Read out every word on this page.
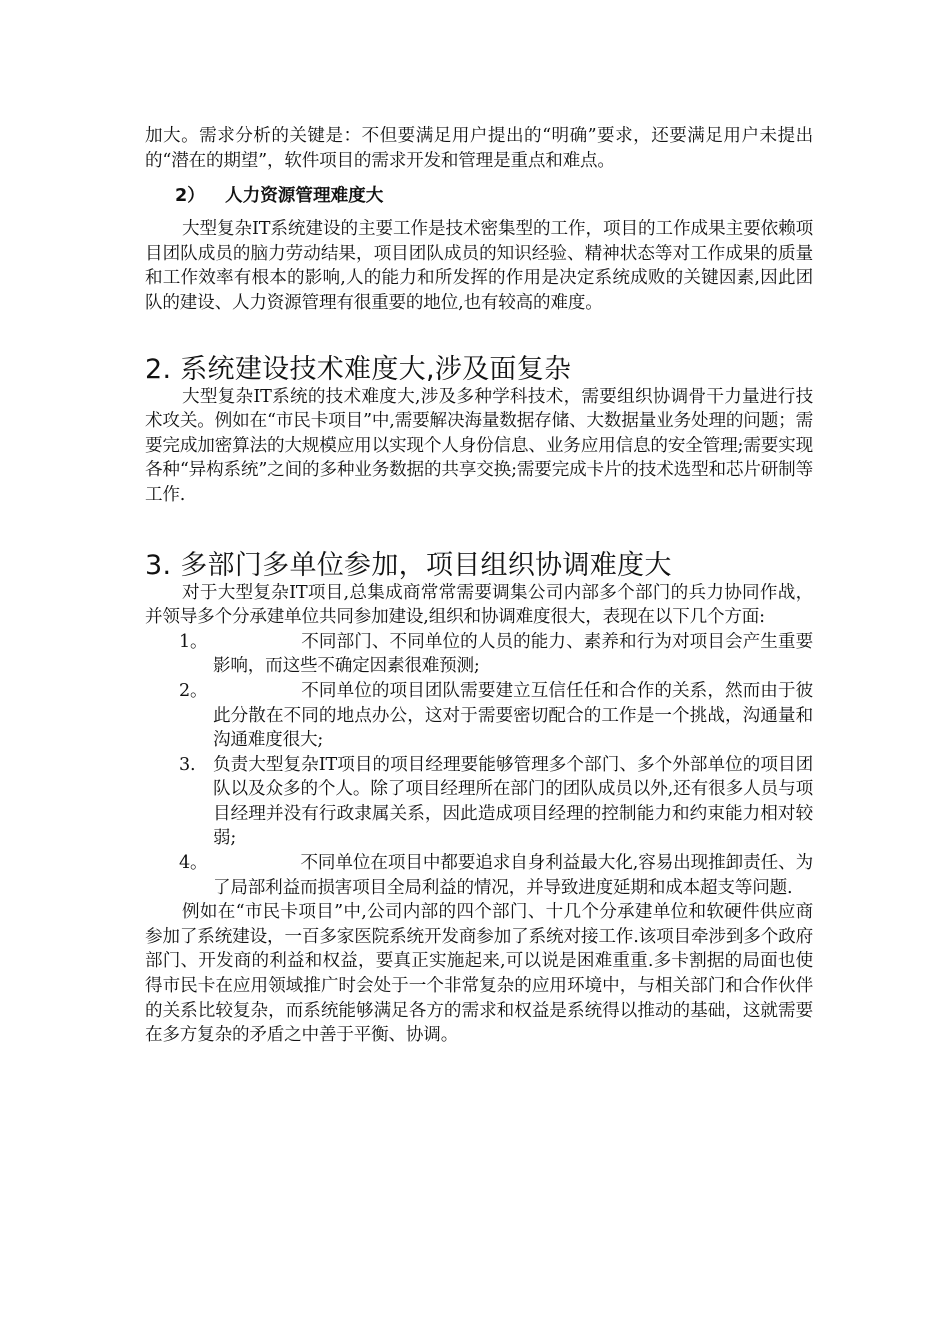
加大。需求分析的关键是：不但要满足用户提出的“明确”要求，还要满足用户未提出的“潜在的期望”，软件项目的需求开发和管理是重点和难点。

2） 人力资源管理难度大

大型复杂IT系统建设的主要工作是技术密集型的工作，项目的工作成果主要依赖项目团队成员的脑力劳动结果，项目团队成员的知识经验、精神状态等对工作成果的质量和工作效率有根本的影响,人的能力和所发挥的作用是决定系统成败的关键因素,因此团队的建设、人力资源管理有很重要的地位,也有较高的难度。

2. 系统建设技术难度大,涉及面复杂

大型复杂IT系统的技术难度大,涉及多种学科技术，需要组织协调骨干力量进行技术攻关。例如在“市民卡项目”中,需要解决海量数据存储、大数据量业务处理的问题；需要完成加密算法的大规模应用以实现个人身份信息、业务应用信息的安全管理;需要实现各种“异构系统”之间的多种业务数据的共享交换;需要完成卡片的技术选型和芯片研制等工作.

3. 多部门多单位参加，项目组织协调难度大

对于大型复杂IT项目,总集成商常常需要调集公司内部多个部门的兵力协同作战，并领导多个分承建单位共同参加建设,组织和协调难度很大，表现在以下几个方面:

1。 　　　　　不同部门、不同单位的人员的能力、素养和行为对项目会产生重要影响，而这些不确定因素很难预测;
2。 　　　　　不同单位的项目团队需要建立互信任任和合作的关系，然而由于彼此分散在不同的地点办公，这对于需要密切配合的工作是一个挑战，沟通量和沟通难度很大;
3. 负责大型复杂IT项目的项目经理要能够管理多个部门、多个外部单位的项目团队以及众多的个人。除了项目经理所在部门的团队成员以外,还有很多人员与项目经理并没有行政隶属关系，因此造成项目经理的控制能力和约束能力相对较弱;
4。 　　　　　不同单位在项目中都要追求自身利益最大化,容易出现推卸责任、为了局部利益而损害项目全局利益的情况，并导致进度延期和成本超支等问题.

例如在“市民卡项目”中,公司内部的四个部门、十几个分承建单位和软硬件供应商参加了系统建设，一百多家医院系统开发商参加了系统对接工作.该项目牵涉到多个政府部门、开发商的利益和权益，要真正实施起来,可以说是困难重重.多卡割据的局面也使得市民卡在应用领域推广时会处于一个非常复杂的应用环境中，与相关部门和合作伙伴的关系比较复杂，而系统能够满足各方的需求和权益是系统得以推动的基础，这就需要在多方复杂的矛盾之中善于平衡、协调。
